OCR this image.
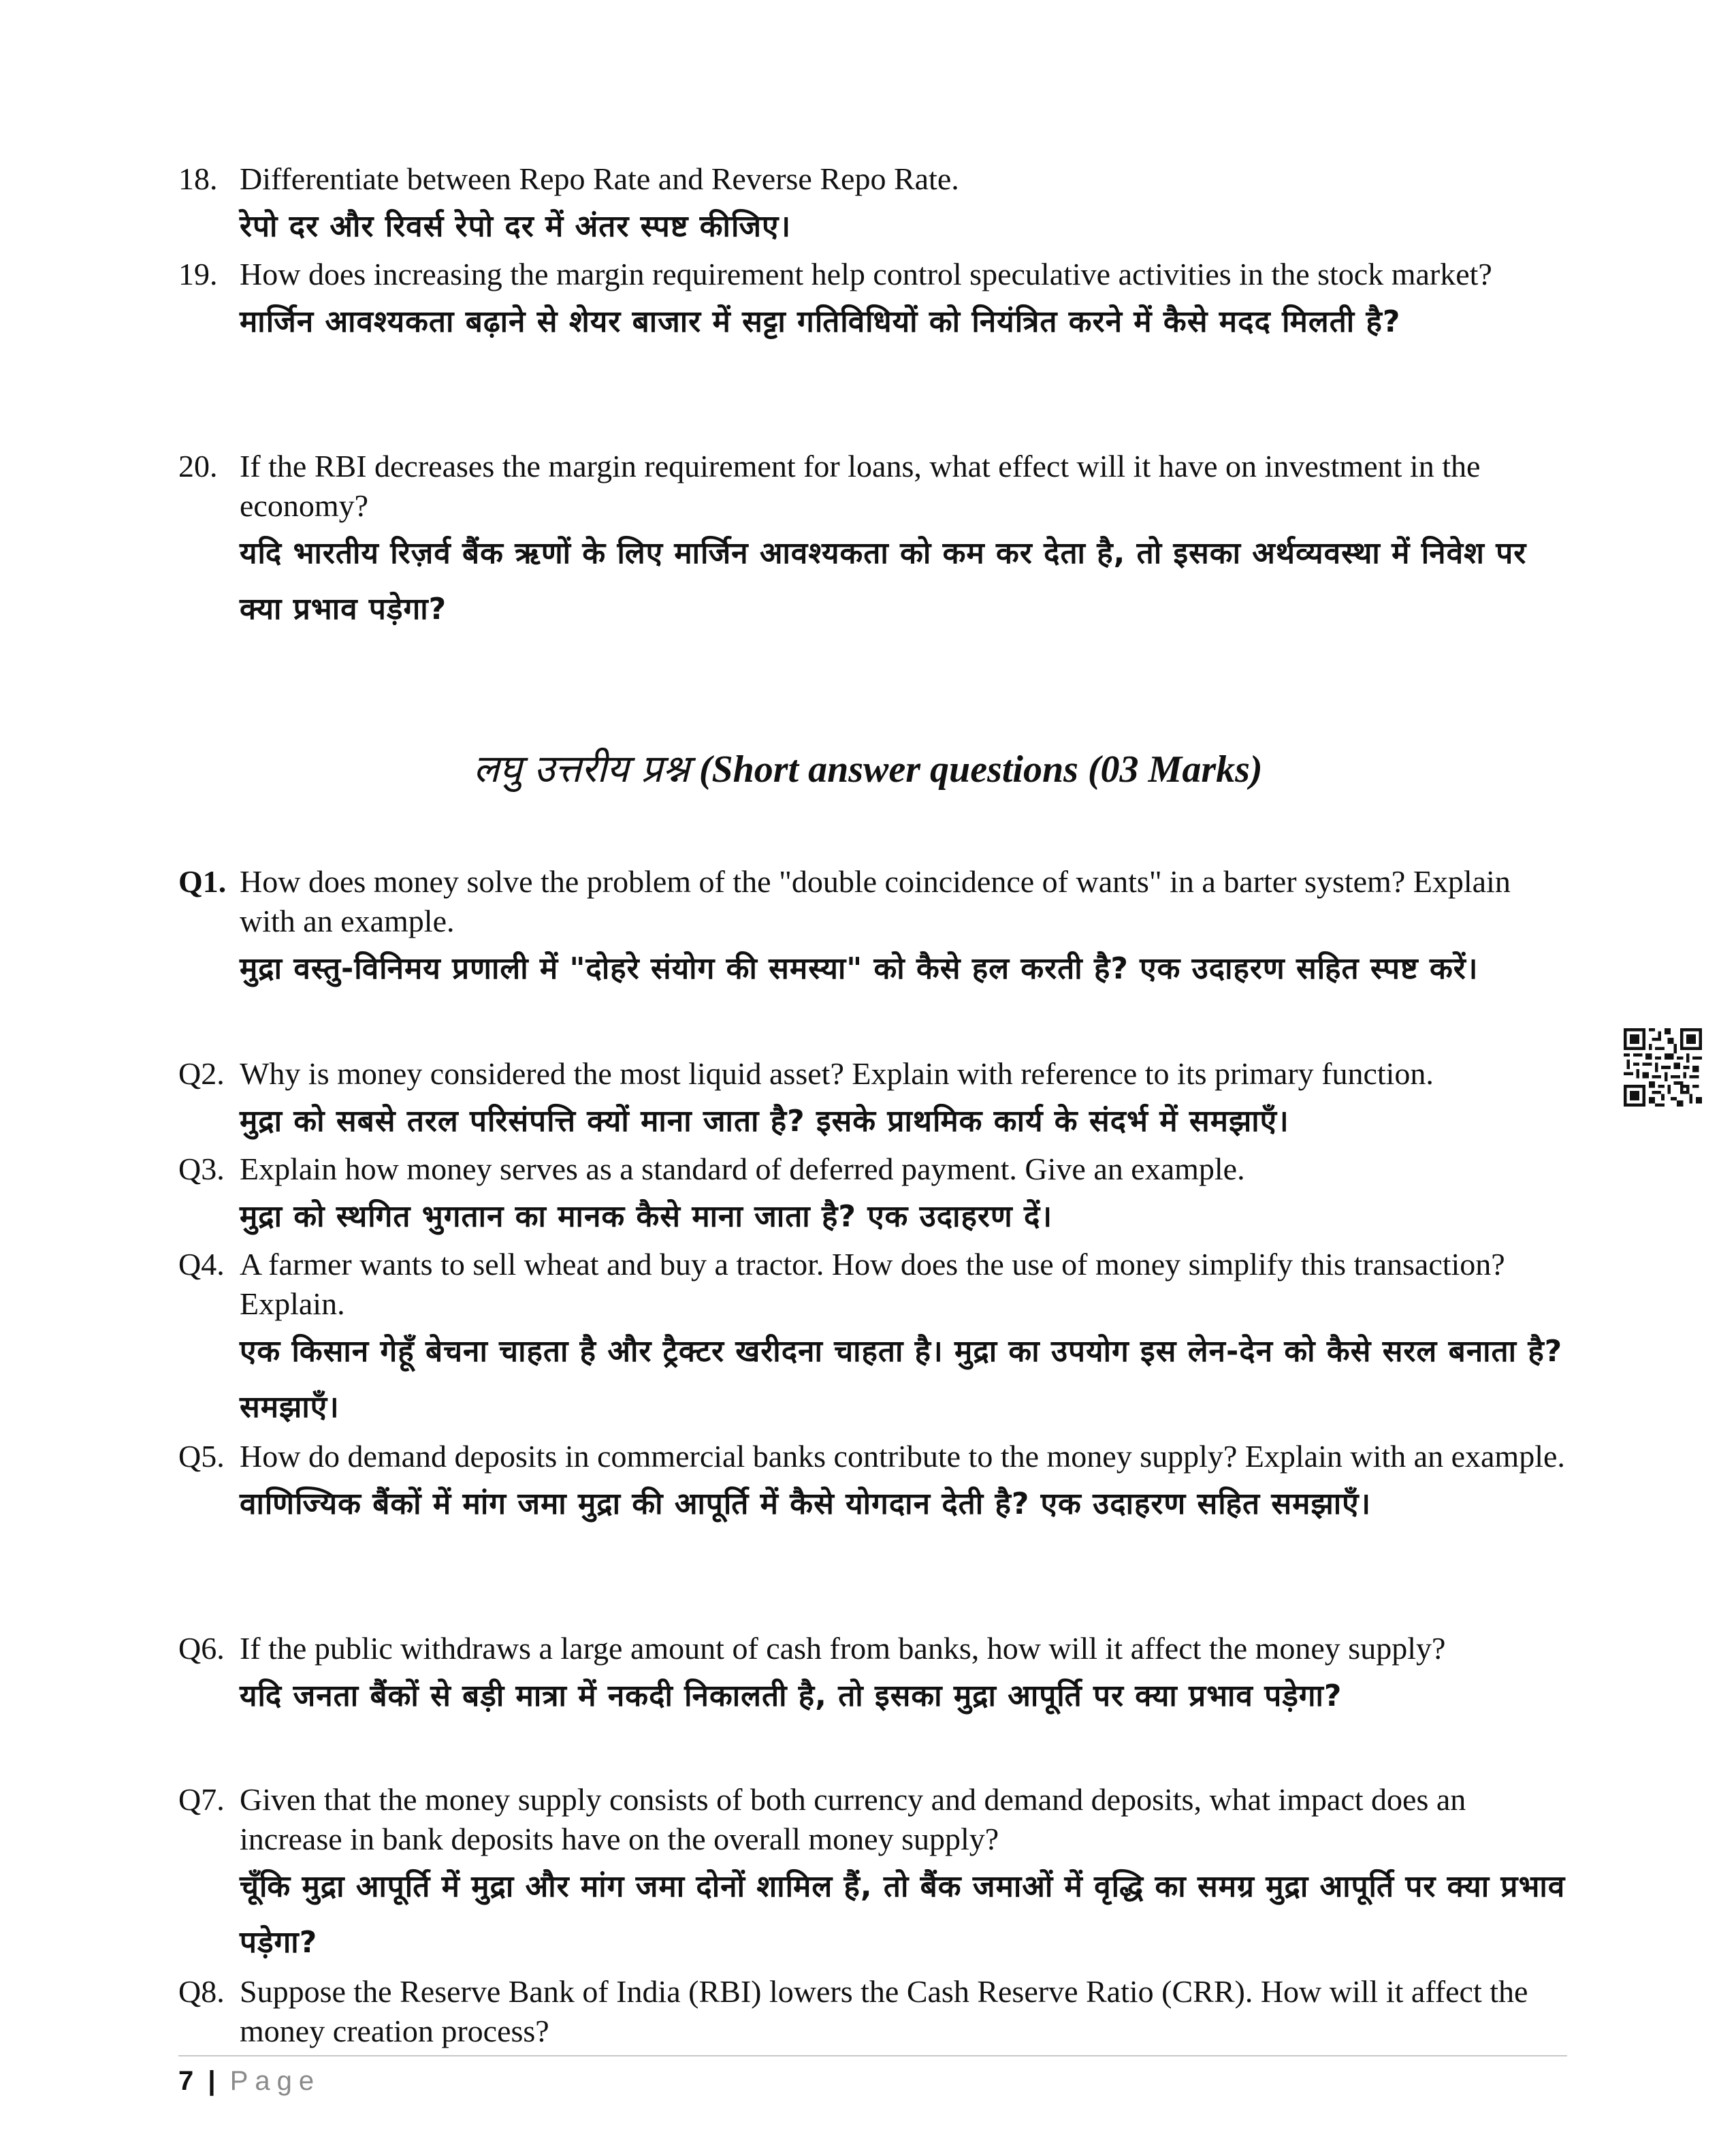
18. Differentiate between Repo Rate and Reverse Repo Rate.
रेपो दर और रिवर्स रेपो दर में अंतर स्पष्ट कीजिए।
19. How does increasing the margin requirement help control speculative activities in the stock market?
मार्जिन आवश्यकता बढ़ाने से शेयर बाजार में सट्टा गतिविधियों को नियंत्रित करने में कैसे मदद मिलती है?
20. If the RBI decreases the margin requirement for loans, what effect will it have on investment in the economy?
यदि भारतीय रिज़र्व बैंक ऋणों के लिए मार्जिन आवश्यकता को कम कर देता है, तो इसका अर्थव्यवस्था में निवेश पर क्या प्रभाव पड़ेगा?
लघु उत्तरीय प्रश्न (Short answer questions (03 Marks)
Q1. How does money solve the problem of the "double coincidence of wants" in a barter system? Explain with an example.
मुद्रा वस्तु-विनिमय प्रणाली में "दोहरे संयोग की समस्या" को कैसे हल करती है? एक उदाहरण सहित स्पष्ट करें।
Q2. Why is money considered the most liquid asset? Explain with reference to its primary function.
मुद्रा को सबसे तरल परिसंपत्ति क्यों माना जाता है? इसके प्राथमिक कार्य के संदर्भ में समझाएँ।
Q3. Explain how money serves as a standard of deferred payment. Give an example.
मुद्रा को स्थगित भुगतान का मानक कैसे माना जाता है? एक उदाहरण दें।
Q4. A farmer wants to sell wheat and buy a tractor. How does the use of money simplify this transaction? Explain.
एक किसान गेहूँ बेचना चाहता है और ट्रैक्टर खरीदना चाहता है। मुद्रा का उपयोग इस लेन-देन को कैसे सरल बनाता है? समझाएँ।
Q5. How do demand deposits in commercial banks contribute to the money supply? Explain with an example.
वाणिज्यिक बैंकों में मांग जमा मुद्रा की आपूर्ति में कैसे योगदान देती है? एक उदाहरण सहित समझाएँ।
Q6. If the public withdraws a large amount of cash from banks, how will it affect the money supply?
यदि जनता बैंकों से बड़ी मात्रा में नकदी निकालती है, तो इसका मुद्रा आपूर्ति पर क्या प्रभाव पड़ेगा?
Q7. Given that the money supply consists of both currency and demand deposits, what impact does an increase in bank deposits have on the overall money supply?
चूँकि मुद्रा आपूर्ति में मुद्रा और मांग जमा दोनों शामिल हैं, तो बैंक जमाओं में वृद्धि का समग्र मुद्रा आपूर्ति पर क्या प्रभाव पड़ेगा?
Q8. Suppose the Reserve Bank of India (RBI) lowers the Cash Reserve Ratio (CRR). How will it affect the money creation process?
7 | Page
